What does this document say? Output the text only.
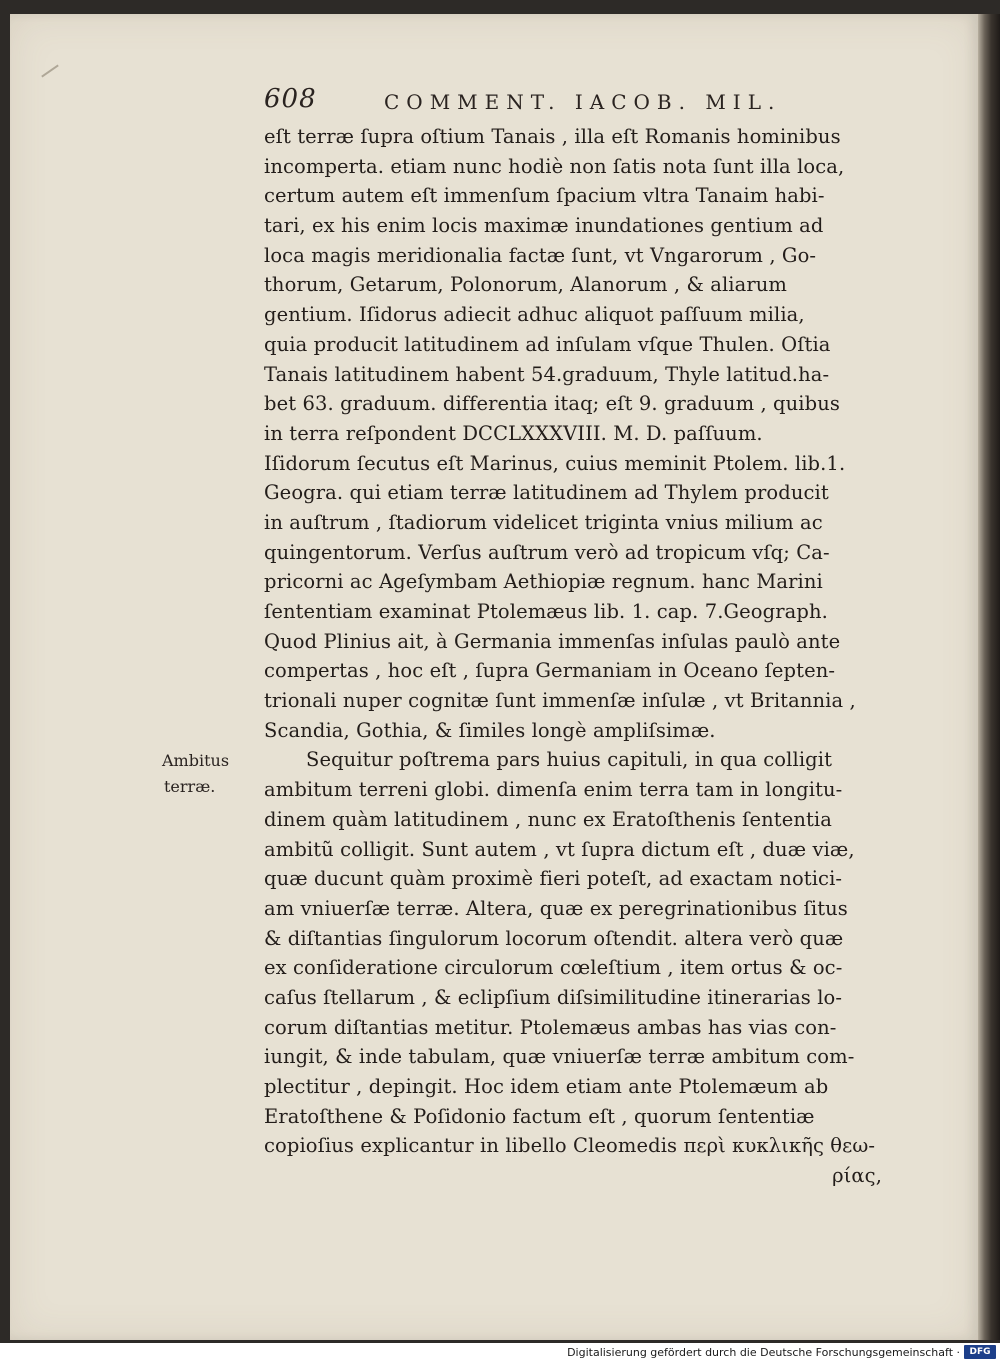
608	COMMENT. IACOB. MIL.
eſt terræ ſupra oſtium Tanais , illa eſt Romanis hominibus
incomperta. etiam nunc hodiè non ſatis nota ſunt illa loca,
certum autem eſt immenſum ſpacium vltra Tanaim habi-
tari, ex his enim locis maximæ inundationes gentium ad
loca magis meridionalia factæ ſunt, vt Vngarorum , Go-
thorum, Getarum, Polonorum, Alanorum , & aliarum
gentium. Iſidorus adiecit adhuc aliquot paſſuum milia,
quia producit latitudinem ad inſulam vſque Thulen. Oſtia
Tanais latitudinem habent 54.graduum, Thyle latitud.ha-
bet 63. graduum. differentia itaq; eſt 9. graduum , quibus
in terra reſpondent DCCLXXXVIII. M. D. paſſuum.
Iſidorum ſecutus eſt Marinus, cuius meminit Ptolem. lib.1.
Geogra. qui etiam terræ latitudinem ad Thylem producit
in auſtrum , ſtadiorum videlicet triginta vnius milium ac
quingentorum. Verſus auſtrum verò ad tropicum vſq; Ca-
pricorni ac Ageſymbam Aethiopiæ regnum. hanc Marini
ſententiam examinat Ptolemæus lib. 1. cap. 7.Geograph.
Quod Plinius ait, à Germania immenſas inſulas paulò ante
compertas , hoc eſt , ſupra Germaniam in Oceano ſepten-
trionali nuper cognitæ ſunt immenſæ inſulæ , vt Britannia ,
Scandia, Gothia, & ſimiles longè ampliſsimæ.
Sequitur poſtrema pars huius capituli, in qua colligit
ambitum terreni globi. dimenſa enim terra tam in longitu-
dinem quàm latitudinem , nunc ex Eratoſthenis ſententia
ambitũ colligit. Sunt autem , vt ſupra dictum eſt , duæ viæ,
quæ ducunt quàm proximè fieri poteſt, ad exactam notici-
am vniuerſæ terræ. Altera, quæ ex peregrinationibus ſitus
& diſtantias ſingulorum locorum oſtendit. altera verò quæ
ex conſideratione circulorum cœleſtium , item ortus & oc-
caſus ſtellarum , & eclipſium diſsimilitudine itinerarias lo-
corum diſtantias metitur. Ptolemæus ambas has vias con-
iungit, & inde tabulam, quæ vniuerſæ terræ ambitum com-
plectitur , depingit. Hoc idem etiam ante Ptolemæum ab
Eratoſthene & Poſidonio factum eſt , quorum ſententiæ
copioſius explicantur in libello Cleomedis περὶ κυκλικῆς θεω-
ρίας,
Ambitus
terræ.
Digitalisierung gefördert durch die Deutsche Forschungsgemeinschaft ·	DFG
